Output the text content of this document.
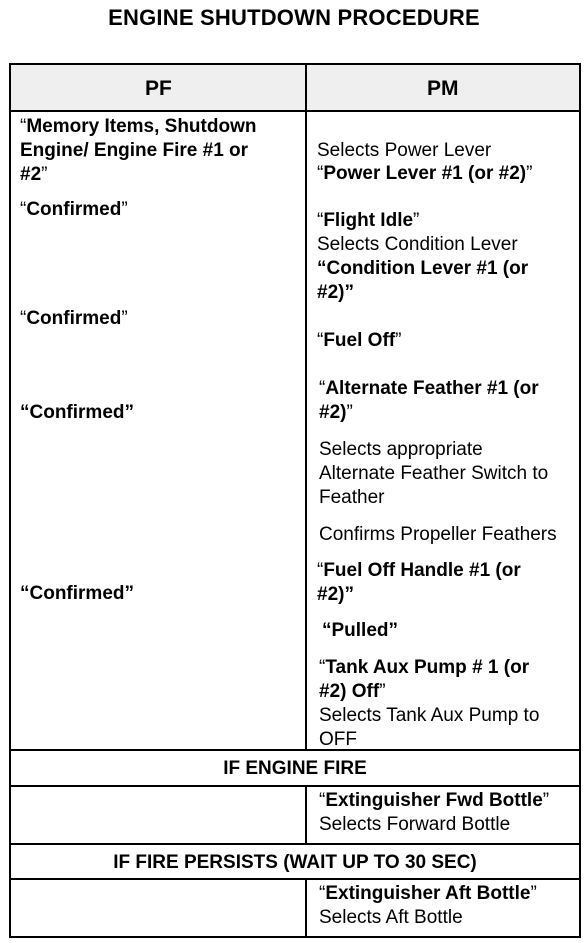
ENGINE SHUTDOWN PROCEDURE
PF	PM
“Memory Items, Shutdown
Engine/ Engine Fire #1 or
#2”
“Confirmed”
“Confirmed”
“Confirmed”
“Confirmed”
Selects Power Lever
“Power Lever #1 (or #2)”
“Flight Idle”
Selects Condition Lever
“Condition Lever #1 (or
#2)”
“Fuel Off”
“Alternate Feather #1 (or
#2)”
Selects appropriate
Alternate Feather Switch to
Feather
Confirms Propeller Feathers
“Fuel Off Handle #1 (or
#2)”
“Pulled”
“Tank Aux Pump # 1 (or
#2) Off”
Selects Tank Aux Pump to
OFF
IF ENGINE FIRE
“Extinguisher Fwd Bottle”
Selects Forward Bottle
IF FIRE PERSISTS (WAIT UP TO 30 SEC)
“Extinguisher Aft Bottle”
Selects Aft Bottle
